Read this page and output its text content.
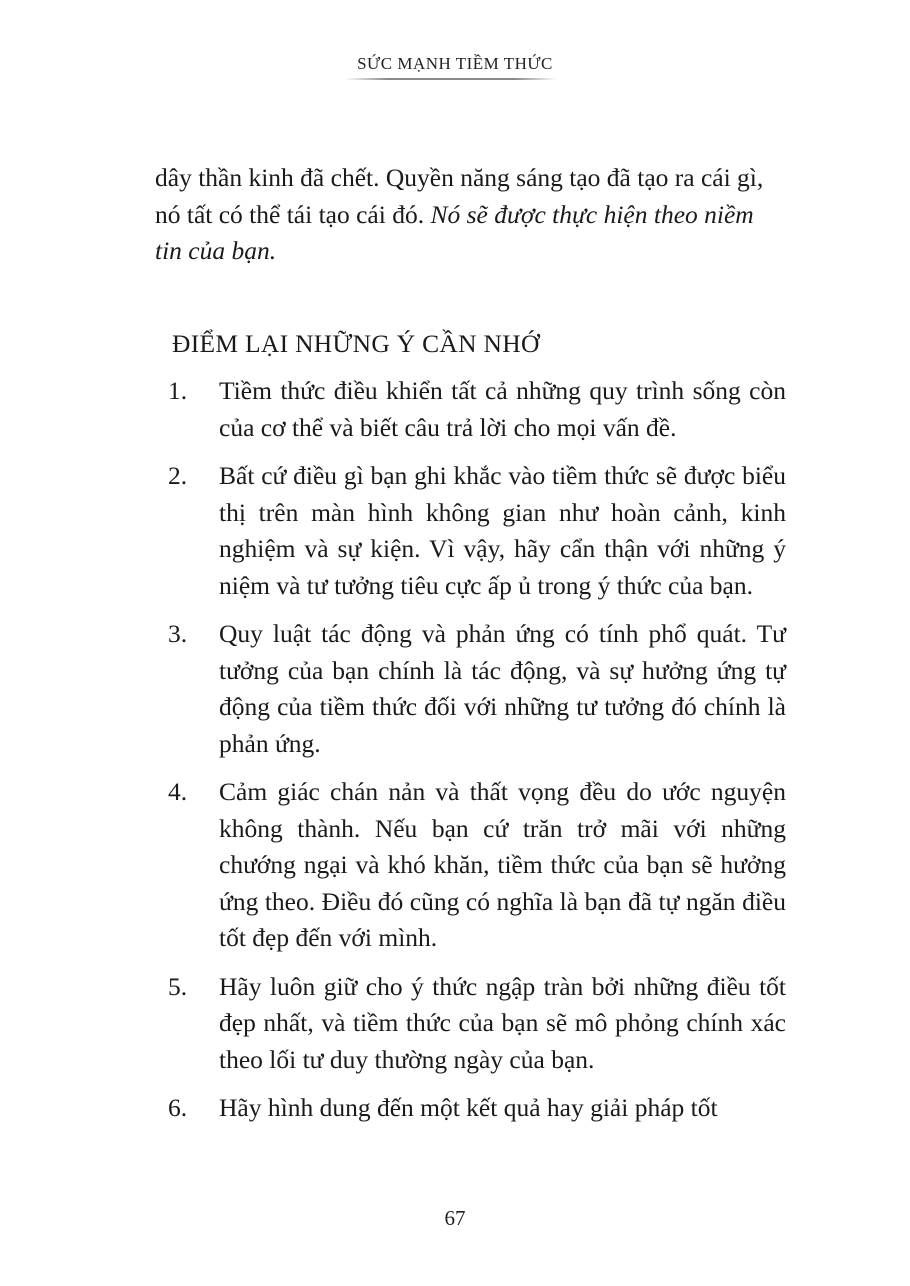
SỨC MẠNH TIỀM THỨC

dây thần kinh đã chết. Quyền năng sáng tạo đã tạo ra cái gì, nó tất có thể tái tạo cái đó. Nó sẽ được thực hiện theo niềm tin của bạn.

ĐIỂM LẠI NHỮNG Ý CẦN NHỚ
1. Tiềm thức điều khiển tất cả những quy trình sống còn của cơ thể và biết câu trả lời cho mọi vấn đề.
2. Bất cứ điều gì bạn ghi khắc vào tiềm thức sẽ được biểu thị trên màn hình không gian như hoàn cảnh, kinh nghiệm và sự kiện. Vì vậy, hãy cẩn thận với những ý niệm và tư tưởng tiêu cực ấp ủ trong ý thức của bạn.
3. Quy luật tác động và phản ứng có tính phổ quát. Tư tưởng của bạn chính là tác động, và sự hưởng ứng tự động của tiềm thức đối với những tư tưởng đó chính là phản ứng.
4. Cảm giác chán nản và thất vọng đều do ước nguyện không thành. Nếu bạn cứ trăn trở mãi với những chướng ngại và khó khăn, tiềm thức của bạn sẽ hưởng ứng theo. Điều đó cũng có nghĩa là bạn đã tự ngăn điều tốt đẹp đến với mình.
5. Hãy luôn giữ cho ý thức ngập tràn bởi những điều tốt đẹp nhất, và tiềm thức của bạn sẽ mô phỏng chính xác theo lối tư duy thường ngày của bạn.
6. Hãy hình dung đến một kết quả hay giải pháp tốt
67
